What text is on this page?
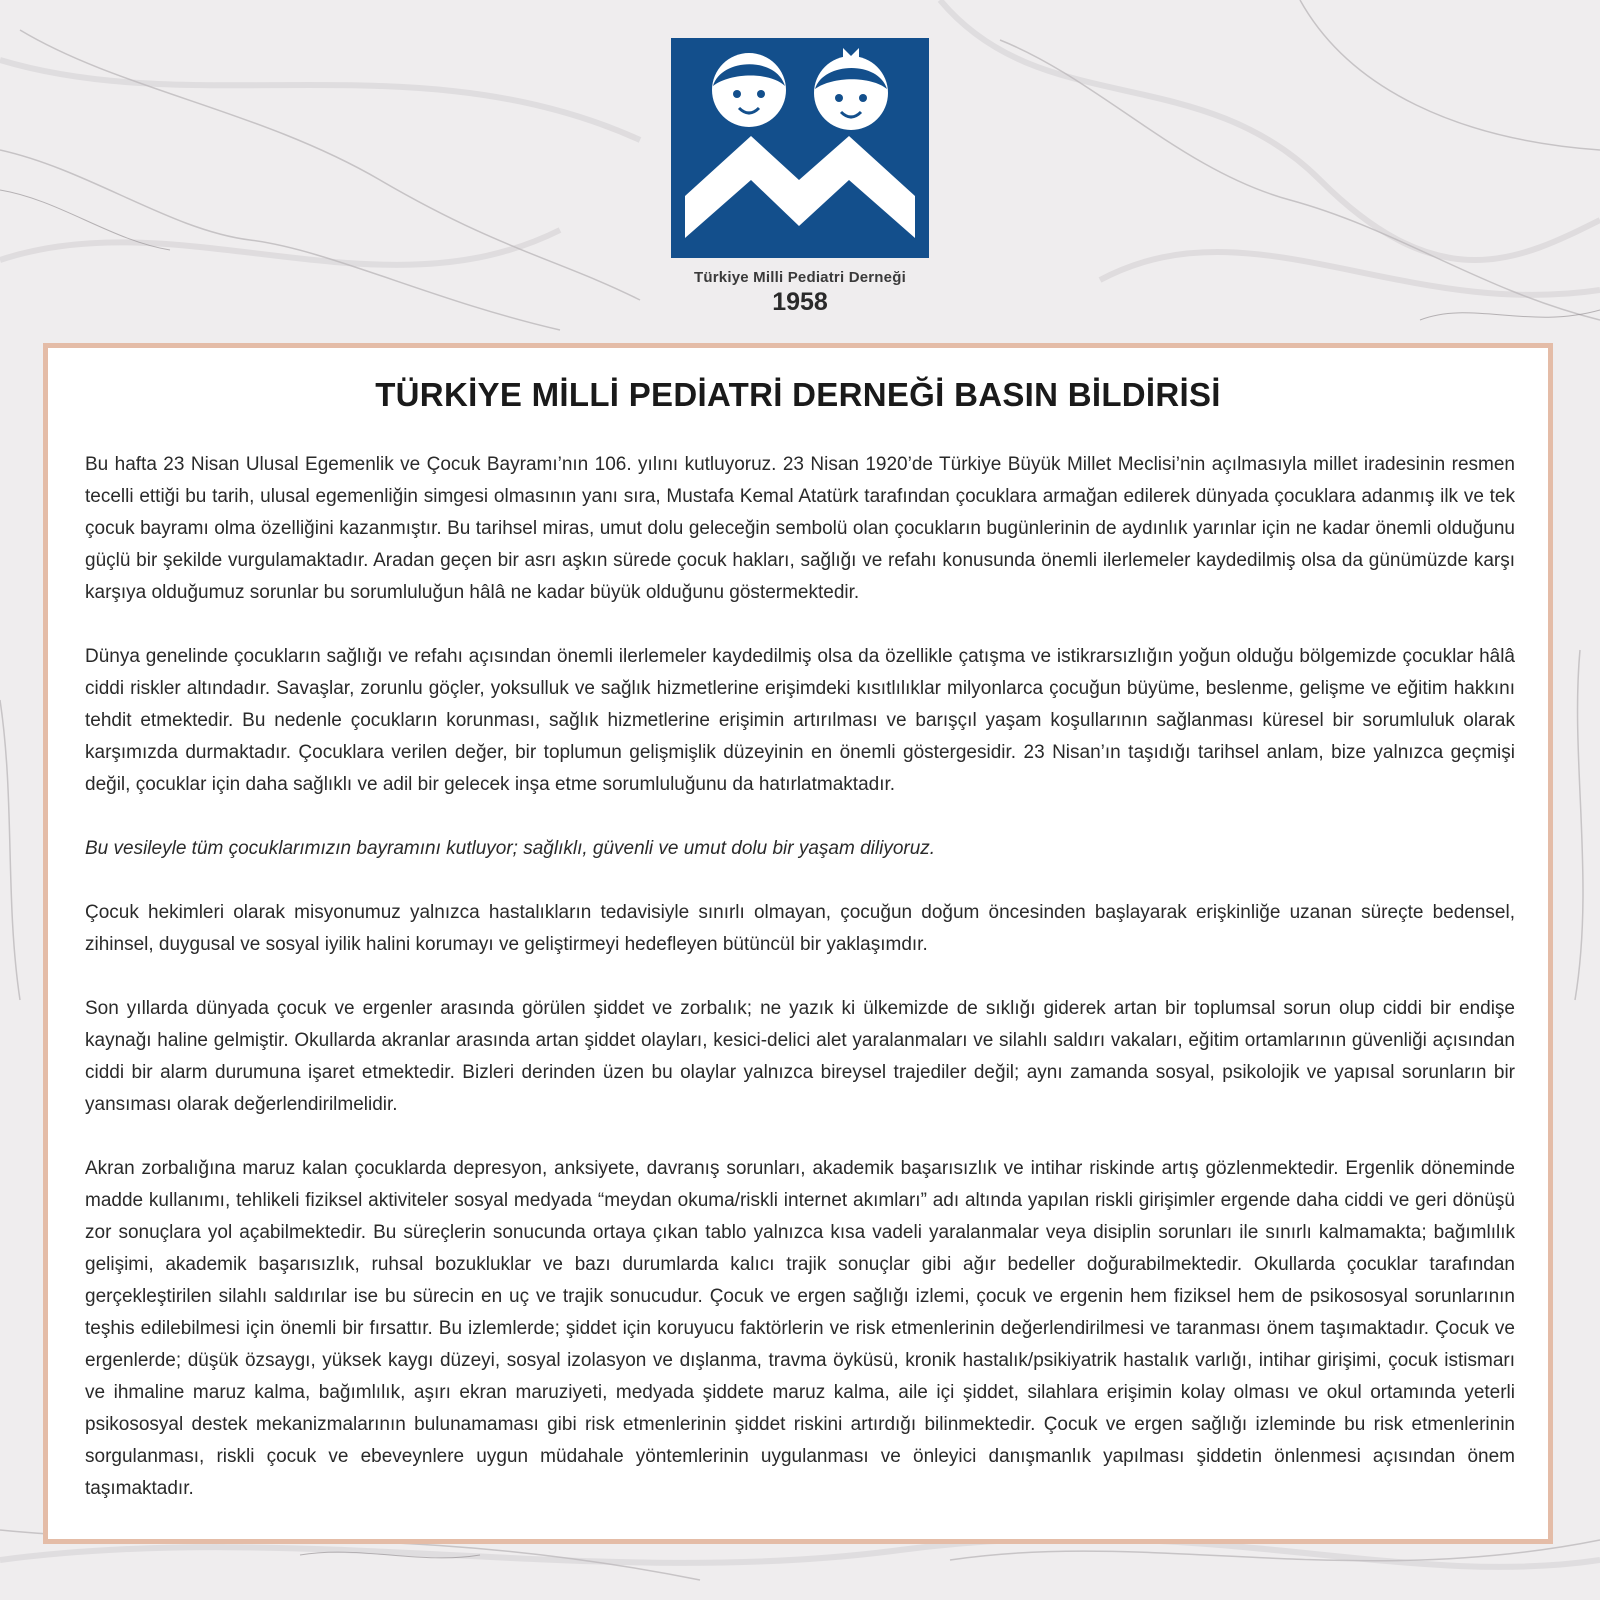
Türkiye Milli Pediatri Derneği
1958
TÜRKİYE MİLLİ PEDİATRİ DERNEĞİ BASIN BİLDİRİSİ

Bu hafta 23 Nisan Ulusal Egemenlik ve Çocuk Bayramı’nın 106. yılını kutluyoruz. 23 Nisan 1920’de Türkiye Büyük Millet Meclisi’nin açılmasıyla millet iradesinin resmen tecelli ettiği bu tarih, ulusal egemenliğin simgesi olmasının yanı sıra, Mustafa Kemal Atatürk tarafından çocuklara armağan edilerek dünyada çocuklara adanmış ilk ve tek çocuk bayramı olma özelliğini kazanmıştır. Bu tarihsel miras, umut dolu geleceğin sembolü olan çocukların bugünlerinin de aydınlık yarınlar için ne kadar önemli olduğunu güçlü bir şekilde vurgulamaktadır. Aradan geçen bir asrı aşkın sürede çocuk hakları, sağlığı ve refahı konusunda önemli ilerlemeler kaydedilmiş olsa da günümüzde karşı karşıya olduğumuz sorunlar bu sorumluluğun hâlâ ne kadar büyük olduğunu göstermektedir.

Dünya genelinde çocukların sağlığı ve refahı açısından önemli ilerlemeler kaydedilmiş olsa da özellikle çatışma ve istikrarsızlığın yoğun olduğu bölgemizde çocuklar hâlâ ciddi riskler altındadır. Savaşlar, zorunlu göçler, yoksulluk ve sağlık hizmetlerine erişimdeki kısıtlılıklar milyonlarca çocuğun büyüme, beslenme, gelişme ve eğitim hakkını tehdit etmektedir. Bu nedenle çocukların korunması, sağlık hizmetlerine erişimin artırılması ve barışçıl yaşam koşullarının sağlanması küresel bir sorumluluk olarak karşımızda durmaktadır. Çocuklara verilen değer, bir toplumun gelişmişlik düzeyinin en önemli göstergesidir. 23 Nisan’ın taşıdığı tarihsel anlam, bize yalnızca geçmişi değil, çocuklar için daha sağlıklı ve adil bir gelecek inşa etme sorumluluğunu da hatırlatmaktadır.

Bu vesileyle tüm çocuklarımızın bayramını kutluyor; sağlıklı, güvenli ve umut dolu bir yaşam diliyoruz.

Çocuk hekimleri olarak misyonumuz yalnızca hastalıkların tedavisiyle sınırlı olmayan, çocuğun doğum öncesinden başlayarak erişkinliğe uzanan süreçte bedensel, zihinsel, duygusal ve sosyal iyilik halini korumayı ve geliştirmeyi hedefleyen bütüncül bir yaklaşımdır.

Son yıllarda dünyada çocuk ve ergenler arasında görülen şiddet ve zorbalık; ne yazık ki ülkemizde de sıklığı giderek artan bir toplumsal sorun olup ciddi bir endişe kaynağı haline gelmiştir. Okullarda akranlar arasında artan şiddet olayları, kesici-delici alet yaralanmaları ve silahlı saldırı vakaları, eğitim ortamlarının güvenliği açısından ciddi bir alarm durumuna işaret etmektedir. Bizleri derinden üzen bu olaylar yalnızca bireysel trajediler değil; aynı zamanda sosyal, psikolojik ve yapısal sorunların bir yansıması olarak değerlendirilmelidir.

Akran zorbalığına maruz kalan çocuklarda depresyon, anksiyete, davranış sorunları, akademik başarısızlık ve intihar riskinde artış gözlenmektedir. Ergenlik döneminde madde kullanımı, tehlikeli fiziksel aktiviteler sosyal medyada “meydan okuma/riskli internet akımları” adı altında yapılan riskli girişimler ergende daha ciddi ve geri dönüşü zor sonuçlara yol açabilmektedir. Bu süreçlerin sonucunda ortaya çıkan tablo yalnızca kısa vadeli yaralanmalar veya disiplin sorunları ile sınırlı kalmamakta; bağımlılık gelişimi, akademik başarısızlık, ruhsal bozukluklar ve bazı durumlarda kalıcı trajik sonuçlar gibi ağır bedeller doğurabilmektedir. Okullarda çocuklar tarafından gerçekleştirilen silahlı saldırılar ise bu sürecin en uç ve trajik sonucudur. Çocuk ve ergen sağlığı izlemi, çocuk ve ergenin hem fiziksel hem de psikososyal sorunlarının teşhis edilebilmesi için önemli bir fırsattır. Bu izlemlerde; şiddet için koruyucu faktörlerin ve risk etmenlerinin değerlendirilmesi ve taranması önem taşımaktadır. Çocuk ve ergenlerde; düşük özsaygı, yüksek kaygı düzeyi, sosyal izolasyon ve dışlanma, travma öyküsü, kronik hastalık/psikiyatrik hastalık varlığı, intihar girişimi, çocuk istismarı ve ihmaline maruz kalma, bağımlılık, aşırı ekran maruziyeti, medyada şiddete maruz kalma, aile içi şiddet, silahlara erişimin kolay olması ve okul ortamında yeterli psikososyal destek mekanizmalarının bulunamaması gibi risk etmenlerinin şiddet riskini artırdığı bilinmektedir. Çocuk ve ergen sağlığı izleminde bu risk etmenlerinin sorgulanması, riskli çocuk ve ebeveynlere uygun müdahale yöntemlerinin uygulanması ve önleyici danışmanlık yapılması şiddetin önlenmesi açısından önem taşımaktadır.
